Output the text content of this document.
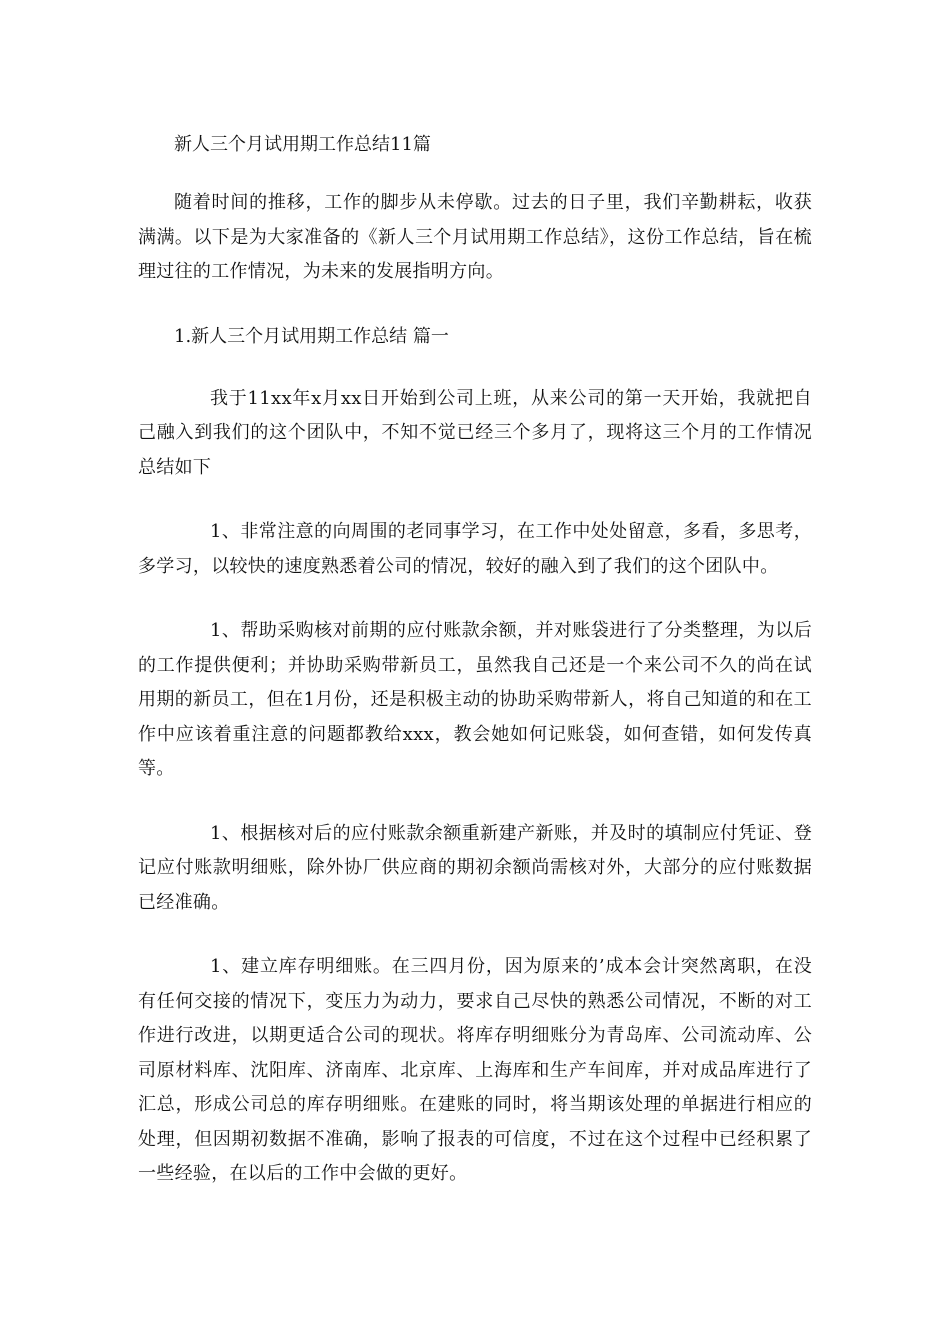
新人三个月试用期工作总结11篇

随着时间的推移，工作的脚步从未停歇。过去的日子里，我们辛勤耕耘，收获满满。以下是为大家准备的《新人三个月试用期工作总结》，这份工作总结，旨在梳理过往的工作情况，为未来的发展指明方向。

1.新人三个月试用期工作总结 篇一

我于11xx年x月xx日开始到公司上班，从来公司的第一天开始，我就把自己融入到我们的这个团队中，不知不觉已经三个多月了，现将这三个月的工作情况总结如下

1、非常注意的向周围的老同事学习，在工作中处处留意，多看，多思考，多学习，以较快的速度熟悉着公司的情况，较好的融入到了我们的这个团队中。

1、帮助采购核对前期的应付账款余额，并对账袋进行了分类整理，为以后的工作提供便利；并协助采购带新员工，虽然我自己还是一个来公司不久的尚在试用期的新员工，但在1月份，还是积极主动的协助采购带新人，将自己知道的和在工作中应该着重注意的问题都教给xxx，教会她如何记账袋，如何查错，如何发传真等。

1、根据核对后的应付账款余额重新建产新账，并及时的填制应付凭证、登记应付账款明细账，除外协厂供应商的期初余额尚需核对外，大部分的应付账数据已经准确。

1、建立库存明细账。在三四月份，因为原来的’成本会计突然离职，在没有任何交接的情况下，变压力为动力，要求自己尽快的熟悉公司情况，不断的对工作进行改进，以期更适合公司的现状。将库存明细账分为青岛库、公司流动库、公司原材料库、沈阳库、济南库、北京库、上海库和生产车间库，并对成品库进行了汇总，形成公司总的库存明细账。在建账的同时，将当期该处理的单据进行相应的处理，但因期初数据不准确，影响了报表的可信度，不过在这个过程中已经积累了一些经验，在以后的工作中会做的更好。
